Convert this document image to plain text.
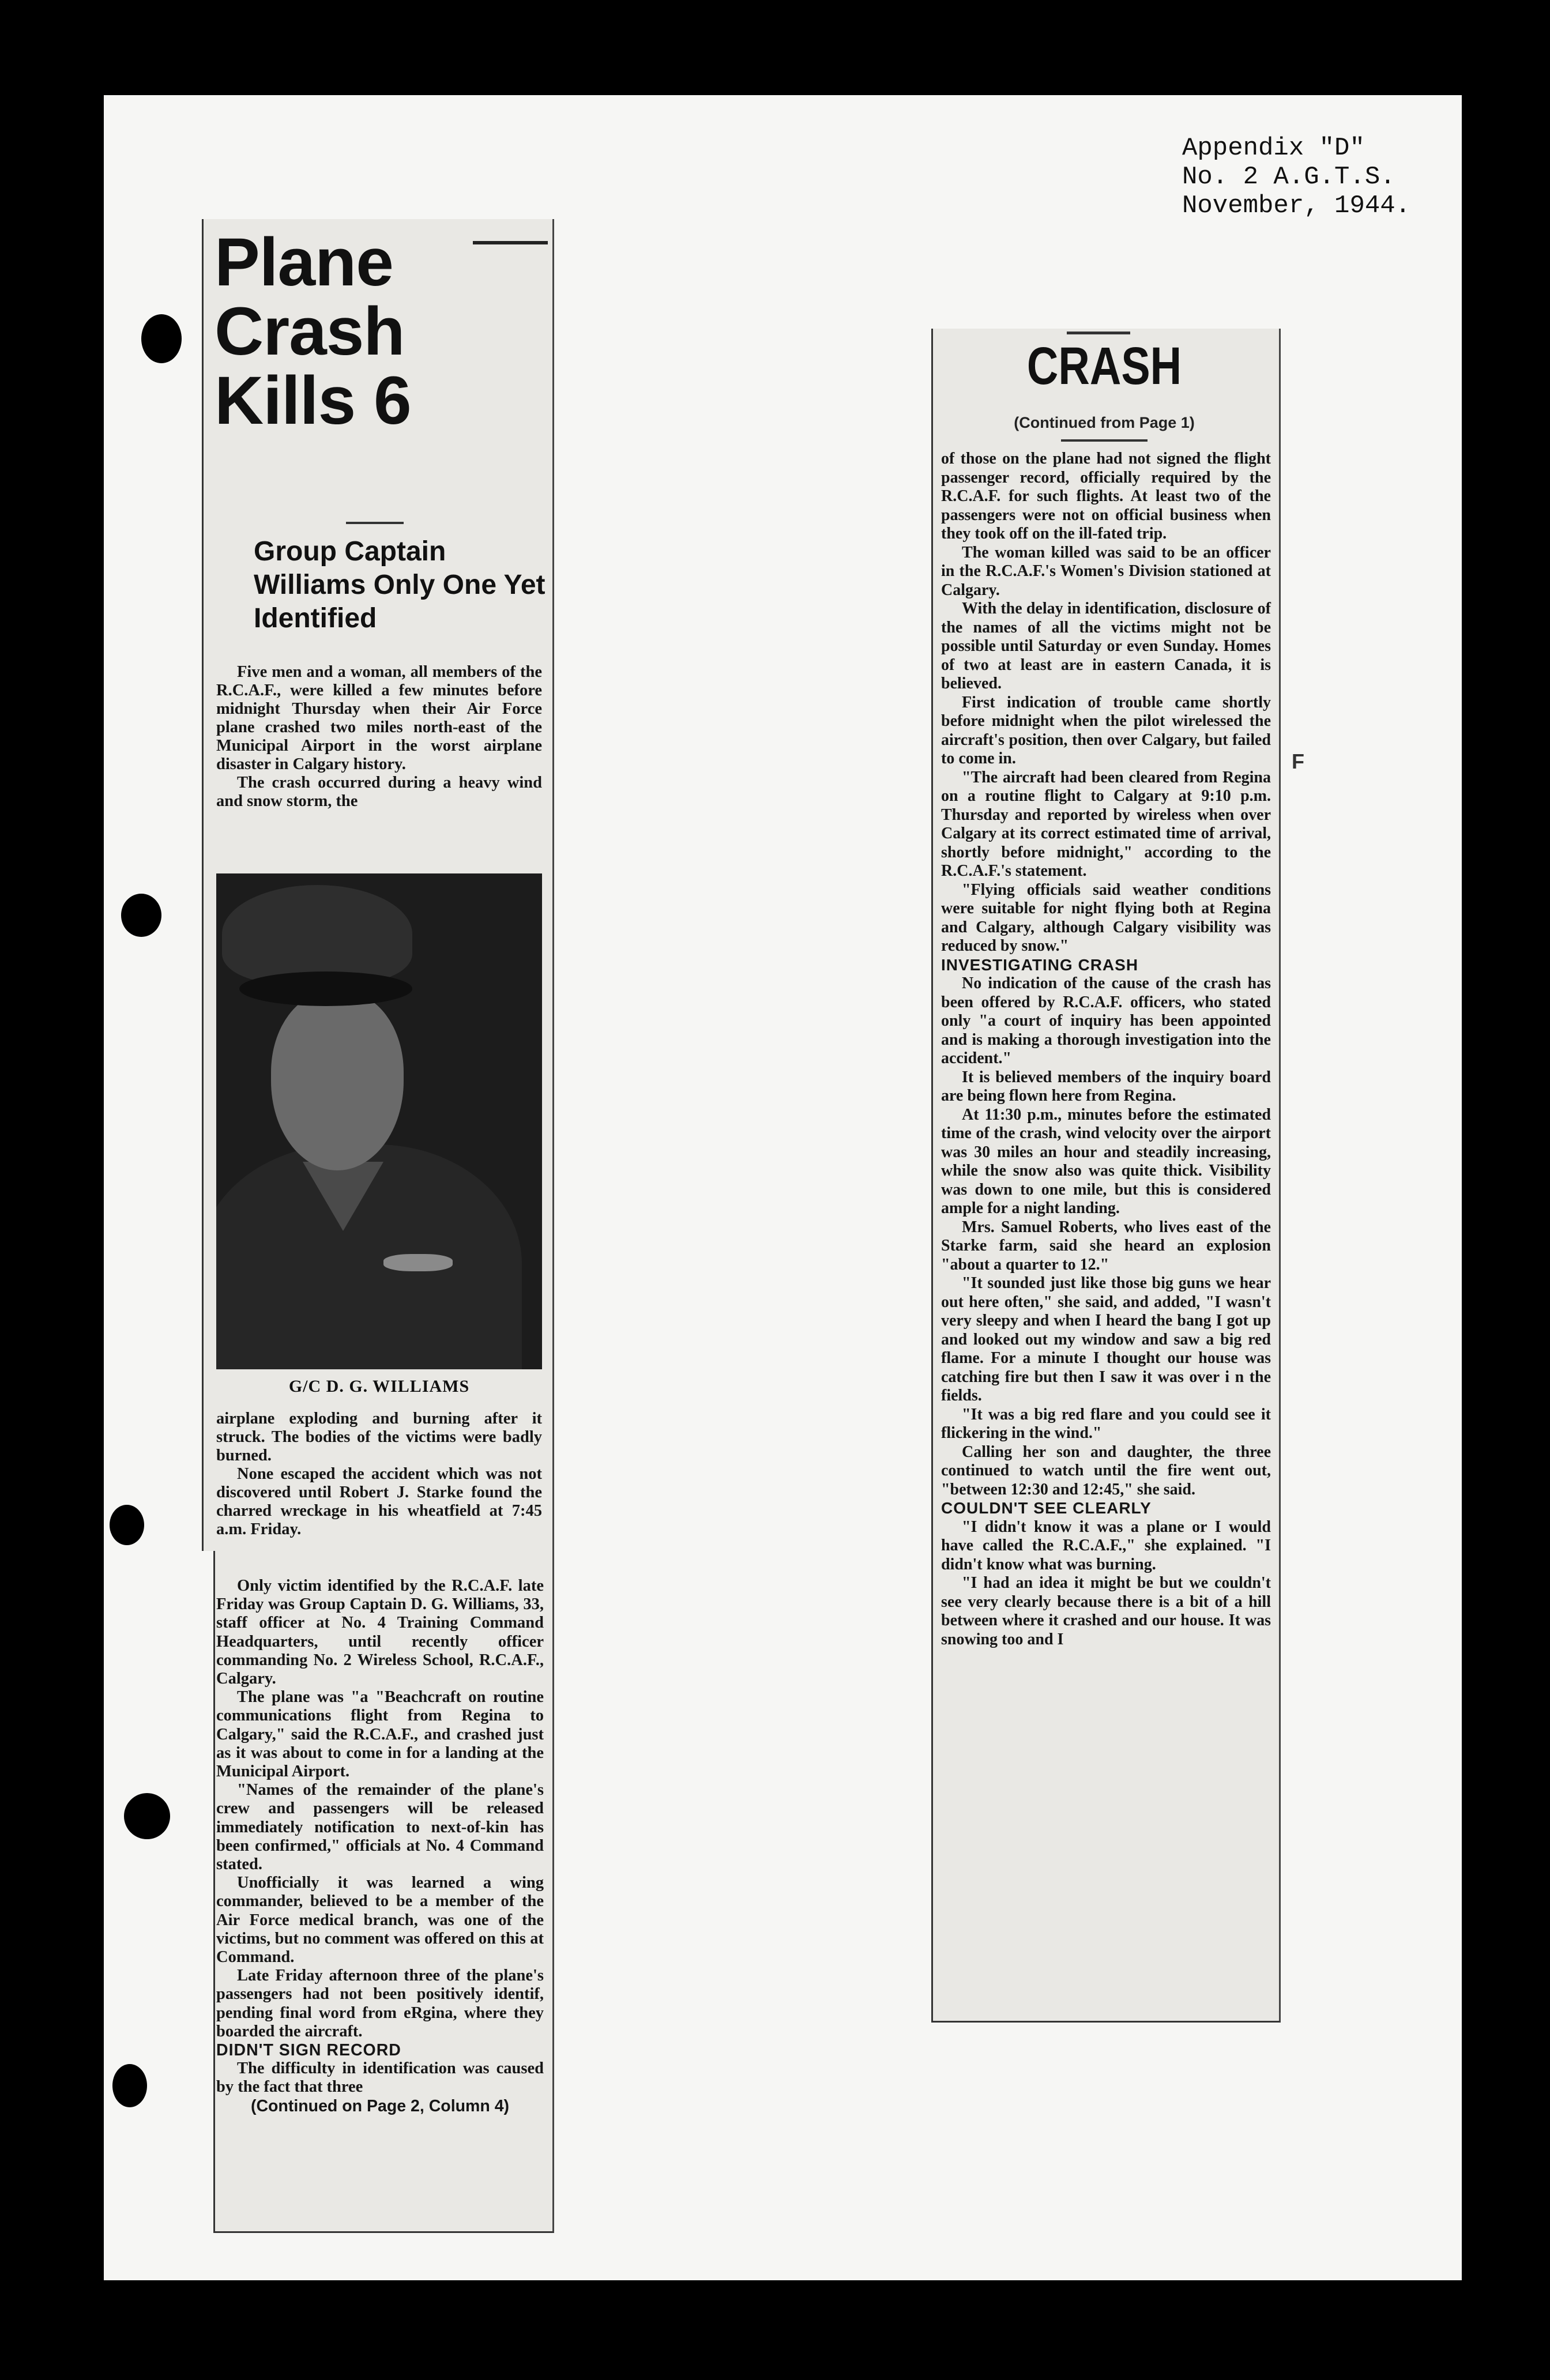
Appendix "D"
No. 2 A.G.T.S.
November, 1944.
Plane
Crash
Kills 6
Group Captain Williams Only One Yet Identified

Five men and a woman, all members of the R.C.A.F., were killed a few minutes before midnight Thursday when their Air Force plane crashed two miles north-east of the Municipal Airport in the worst airplane disaster in Calgary history.

The crash occurred during a heavy wind and snow storm, the

G/C D. G. WILLIAMS

airplane exploding and burning after it struck. The bodies of the victims were badly burned.

None escaped the accident which was not discovered until Robert J. Starke found the charred wreckage in his wheatfield at 7:45 a.m. Friday.

Only victim identified by the R.C.A.F. late Friday was Group Captain D. G. Williams, 33, staff officer at No. 4 Training Command Headquarters, until recently officer commanding No. 2 Wireless School, R.C.A.F., Calgary.

The plane was "a "Beachcraft on routine communications flight from Regina to Calgary," said the R.C.A.F., and crashed just as it was about to come in for a landing at the Municipal Airport.

"Names of the remainder of the plane's crew and passengers will be released immediately notification to next-of-kin has been confirmed," officials at No. 4 Command stated.

Unofficially it was learned a wing commander, believed to be a member of the Air Force medical branch, was one of the victims, but no comment was offered on this at Command.

Late Friday afternoon three of the plane's passengers had not been positively identif, pending final word from eRgina, where they boarded the aircraft.

DIDN'T SIGN RECORD

The difficulty in identification was caused by the fact that three

(Continued on Page 2, Column 4)

CRASH
(Continued from Page 1)

of those on the plane had not signed the flight passenger record, officially required by the R.C.A.F. for such flights. At least two of the passengers were not on official business when they took off on the ill-fated trip.

The woman killed was said to be an officer in the R.C.A.F.'s Women's Division stationed at Calgary.

With the delay in identification, disclosure of the names of all the victims might not be possible until Saturday or even Sunday. Homes of two at least are in eastern Canada, it is believed.

First indication of trouble came shortly before midnight when the pilot wirelessed the aircraft's position, then over Calgary, but failed to come in.

"The aircraft had been cleared from Regina on a routine flight to Calgary at 9:10 p.m. Thursday and reported by wireless when over Calgary at its correct estimated time of arrival, shortly before midnight," according to the R.C.A.F.'s statement.

"Flying officials said weather conditions were suitable for night flying both at Regina and Calgary, although Calgary visibility was reduced by snow."

INVESTIGATING CRASH

No indication of the cause of the crash has been offered by R.C.A.F. officers, who stated only "a court of inquiry has been appointed and is making a thorough investigation into the accident."

It is believed members of the inquiry board are being flown here from Regina.

At 11:30 p.m., minutes before the estimated time of the crash, wind velocity over the airport was 30 miles an hour and steadily increasing, while the snow also was quite thick. Visibility was down to one mile, but this is considered ample for a night landing.

Mrs. Samuel Roberts, who lives east of the Starke farm, said she heard an explosion "about a quarter to 12."

"It sounded just like those big guns we hear out here often," she said, and added, "I wasn't very sleepy and when I heard the bang I got up and looked out my window and saw a big red flame. For a minute I thought our house was catching fire but then I saw it was over i n the fields.

"It was a big red flare and you could see it flickering in the wind."

Calling her son and daughter, the three continued to watch until the fire went out, "between 12:30 and 12:45," she said.

COULDN'T SEE CLEARLY

"I didn't know it was a plane or I would have called the R.C.A.F.," she explained. "I didn't know what was burning.

"I had an idea it might be but we couldn't see very clearly because there is a bit of a hill between where it crashed and our house. It was snowing too and I

F
